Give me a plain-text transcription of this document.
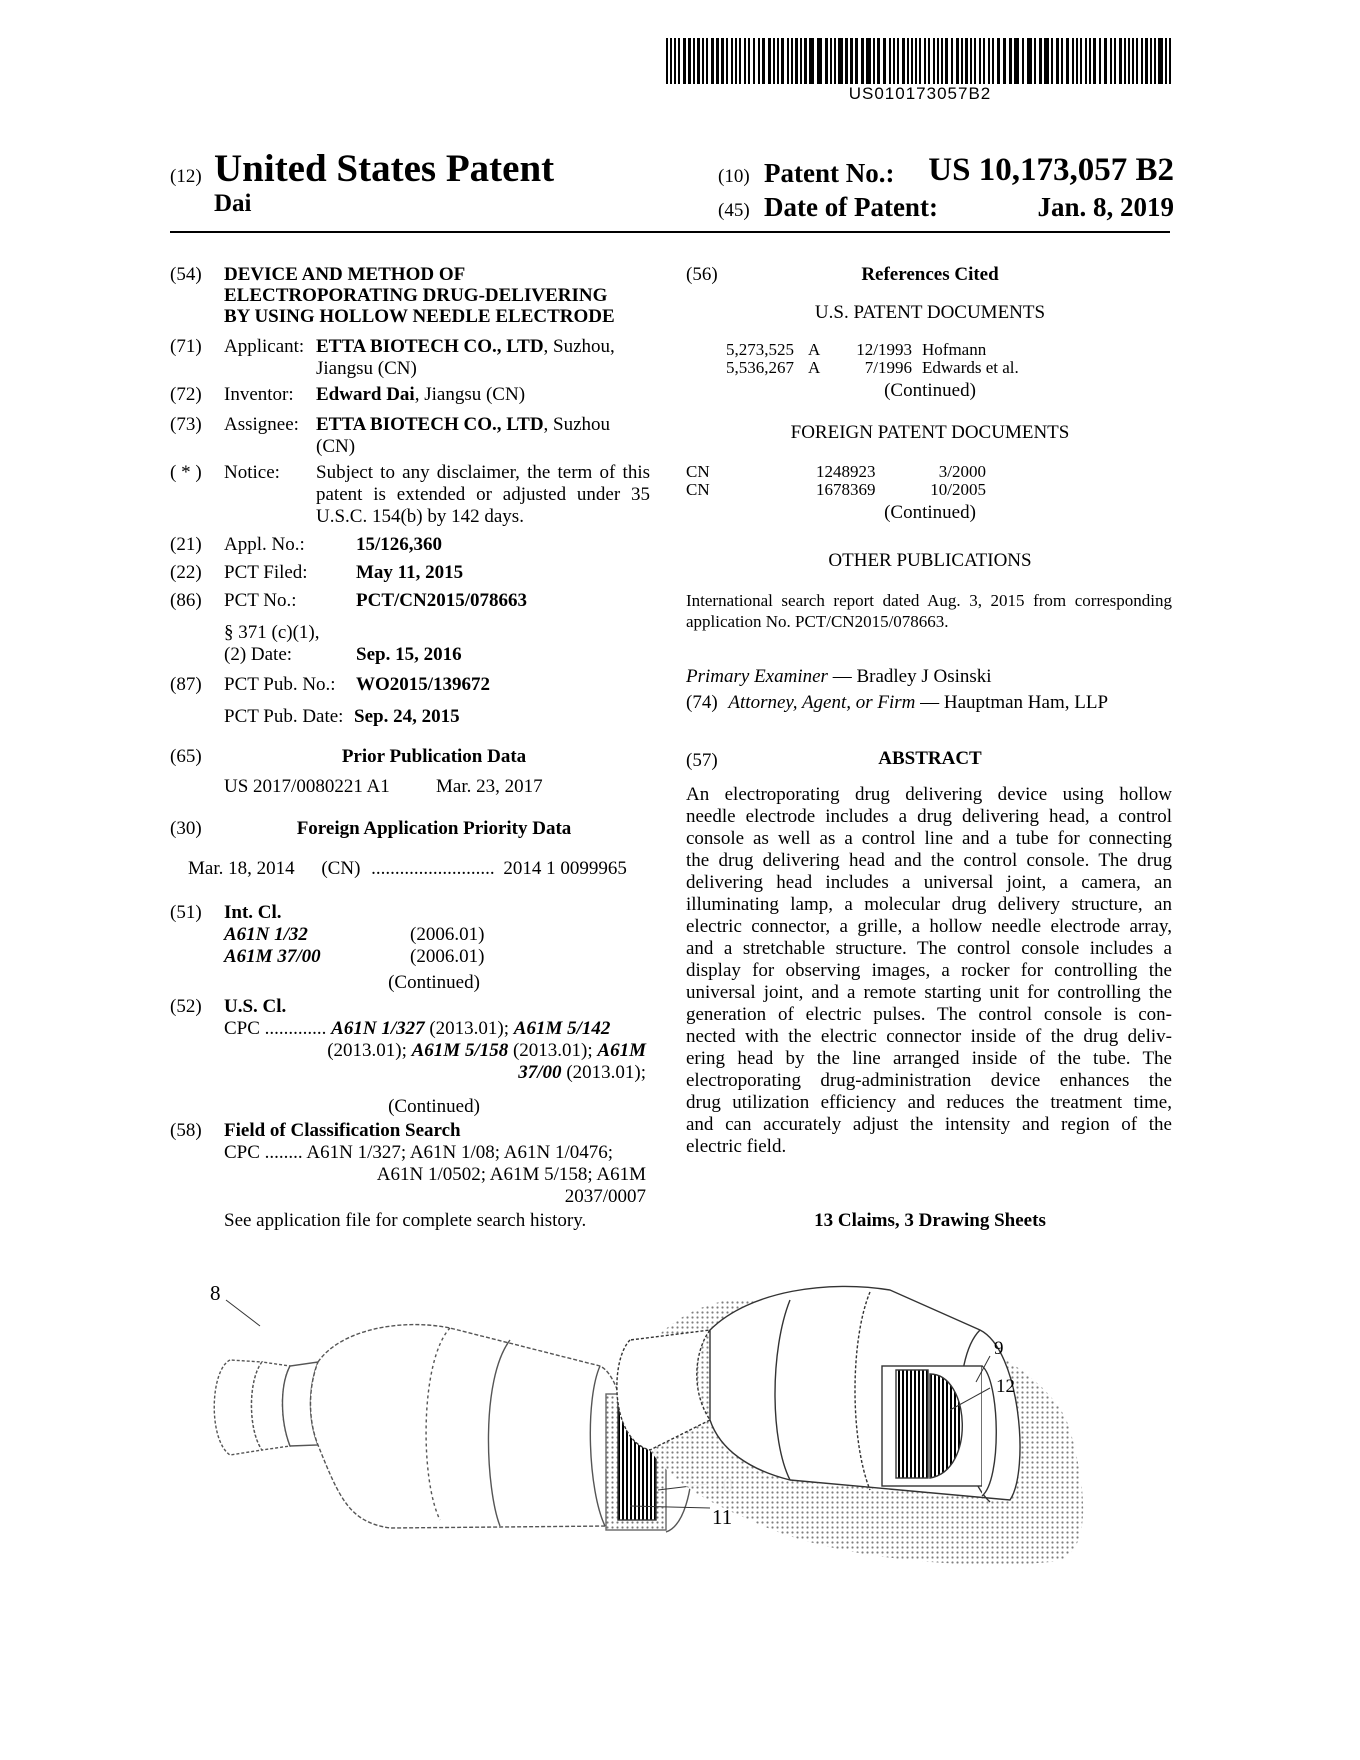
US010173057B2
(12) United States Patent
Dai
(10) Patent No.:	US 10,173,057 B2
(45) Date of Patent:	Jan. 8, 2019
(54) DEVICE AND METHOD OF
ELECTROPORATING DRUG-DELIVERING
BY USING HOLLOW NEEDLE ELECTRODE
(71) Applicant: ETTA BIOTECH CO., LTD, Suzhou,
Jiangsu (CN)
(72) Inventor: Edward Dai, Jiangsu (CN)
(73) Assignee: ETTA BIOTECH CO., LTD, Suzhou
(CN)
( * ) Notice: Subject to any disclaimer, the term of this
patent is extended or adjusted under 35
U.S.C. 154(b) by 142 days.
(21) Appl. No.:	15/126,360
(22) PCT Filed:	May 11, 2015
(86) PCT No.:	PCT/CN2015/078663
§ 371 (c)(1),
(2) Date:	Sep. 15, 2016
(87) PCT Pub. No.: WO2015/139672
PCT Pub. Date: Sep. 24, 2015
(65)	Prior Publication Data
US 2017/0080221 A1 Mar. 23, 2017
(30)	Foreign Application Priority Data
Mar. 18, 2014 (CN) .......................... 2014 1 0099965
(51) Int. Cl.
A61N 1/32	(2006.01)
A61M 37/00	(2006.01)
(Continued)
(52) U.S. Cl.
CPC ............. A61N 1/327 (2013.01); A61M 5/142
(2013.01); A61M 5/158 (2013.01); A61M
37/00 (2013.01);
(Continued)
(58) Field of Classification Search
CPC ........ A61N 1/327; A61N 1/08; A61N 1/0476;
A61N 1/0502; A61M 5/158; A61M
2037/0007
See application file for complete search history.
(56)	References Cited
U.S. PATENT DOCUMENTS
5,273,525 A	12/1993 Hofmann
5,536,267 A	7/1996 Edwards et al.
(Continued)
FOREIGN PATENT DOCUMENTS
CN	1248923	3/2000
CN	1678369	10/2005
(Continued)
OTHER PUBLICATIONS
International search report dated Aug. 3, 2015 from corresponding
application No. PCT/CN2015/078663.
Primary Examiner — Bradley J Osinski
(74) Attorney, Agent, or Firm — Hauptman Ham, LLP
(57)	ABSTRACT
An electroporating drug delivering device using hollow
needle electrode includes a drug delivering head, a control
console as well as a control line and a tube for connecting
the drug delivering head and the control console. The drug
delivering head includes a universal joint, a camera, an
illuminating lamp, a molecular drug delivery structure, an
electric connector, a grille, a hollow needle electrode array,
and a stretchable structure. The control console includes a
display for observing images, a rocker for controlling the
universal joint, and a remote starting unit for controlling the
generation of electric pulses. The control console is con-
nected with the electric connector inside of the drug deliv-
ering head by the line arranged inside of the tube. The
electroporating drug-administration device enhances the
drug utilization efficiency and reduces the treatment time,
and can accurately adjust the intensity and region of the
electric field.
13 Claims, 3 Drawing Sheets
8
11
9
12
